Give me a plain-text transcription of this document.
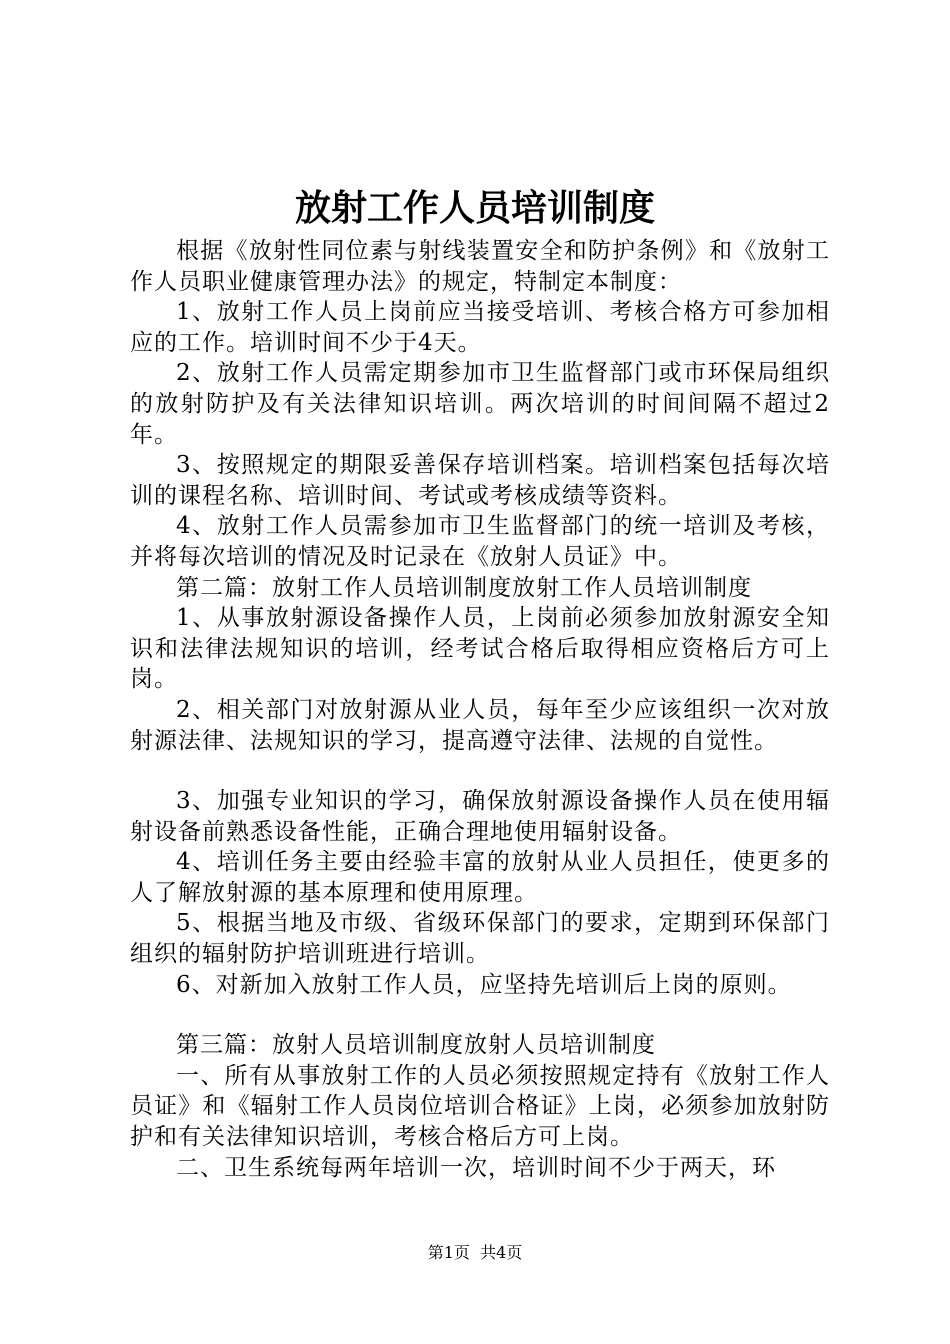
放射工作人员培训制度

根据《放射性同位素与射线装置安全和防护条例》和《放射工作人员职业健康管理办法》的规定，特制定本制度：

1、放射工作人员上岗前应当接受培训、考核合格方可参加相应的工作。培训时间不少于4天。

2、放射工作人员需定期参加市卫生监督部门或市环保局组织的放射防护及有关法律知识培训。两次培训的时间间隔不超过2年。

3、按照规定的期限妥善保存培训档案。培训档案包括每次培训的课程名称、培训时间、考试或考核成绩等资料。

4、放射工作人员需参加市卫生监督部门的统一培训及考核，并将每次培训的情况及时记录在《放射人员证》中。

第二篇：放射工作人员培训制度放射工作人员培训制度

1、从事放射源设备操作人员，上岗前必须参加放射源安全知识和法律法规知识的培训，经考试合格后取得相应资格后方可上岗。

2、相关部门对放射源从业人员，每年至少应该组织一次对放射源法律、法规知识的学习，提高遵守法律、法规的自觉性。

3、加强专业知识的学习，确保放射源设备操作人员在使用辐射设备前熟悉设备性能，正确合理地使用辐射设备。

4、培训任务主要由经验丰富的放射从业人员担任，使更多的人了解放射源的基本原理和使用原理。

5、根据当地及市级、省级环保部门的要求，定期到环保部门组织的辐射防护培训班进行培训。

6、对新加入放射工作人员，应坚持先培训后上岗的原则。

第三篇：放射人员培训制度放射人员培训制度

一、所有从事放射工作的人员必须按照规定持有《放射工作人员证》和《辐射工作人员岗位培训合格证》上岗，必须参加放射防护和有关法律知识培训，考核合格后方可上岗。

二、卫生系统每两年培训一次，培训时间不少于两天，环

第1页  共4页
